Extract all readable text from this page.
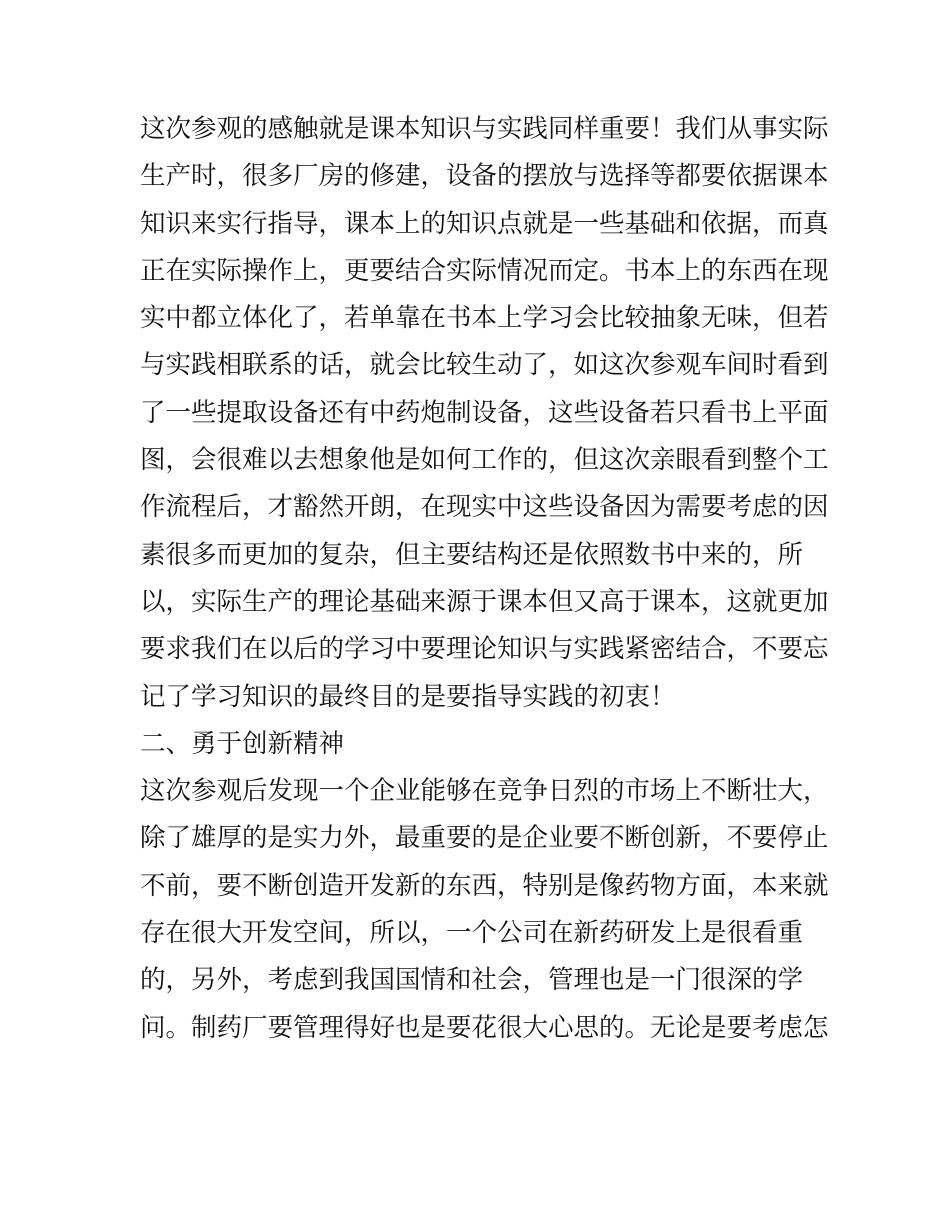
这次参观的感触就是课本知识与实践同样重要！我们从事实际
生产时，很多厂房的修建，设备的摆放与选择等都要依据课本
知识来实行指导，课本上的知识点就是一些基础和依据，而真
正在实际操作上，更要结合实际情况而定。书本上的东西在现
实中都立体化了，若单靠在书本上学习会比较抽象无味，但若
与实践相联系的话，就会比较生动了，如这次参观车间时看到
了一些提取设备还有中药炮制设备，这些设备若只看书上平面
图，会很难以去想象他是如何工作的，但这次亲眼看到整个工
作流程后，才豁然开朗，在现实中这些设备因为需要考虑的因
素很多而更加的复杂，但主要结构还是依照数书中来的，所
以，实际生产的理论基础来源于课本但又高于课本，这就更加
要求我们在以后的学习中要理论知识与实践紧密结合，不要忘
记了学习知识的最终目的是要指导实践的初衷！
二、勇于创新精神
这次参观后发现一个企业能够在竞争日烈的市场上不断壮大，
除了雄厚的是实力外，最重要的是企业要不断创新，不要停止
不前，要不断创造开发新的东西，特别是像药物方面，本来就
存在很大开发空间，所以，一个公司在新药研发上是很看重
的，另外，考虑到我国国情和社会，管理也是一门很深的学
问。制药厂要管理得好也是要花很大心思的。无论是要考虑怎
